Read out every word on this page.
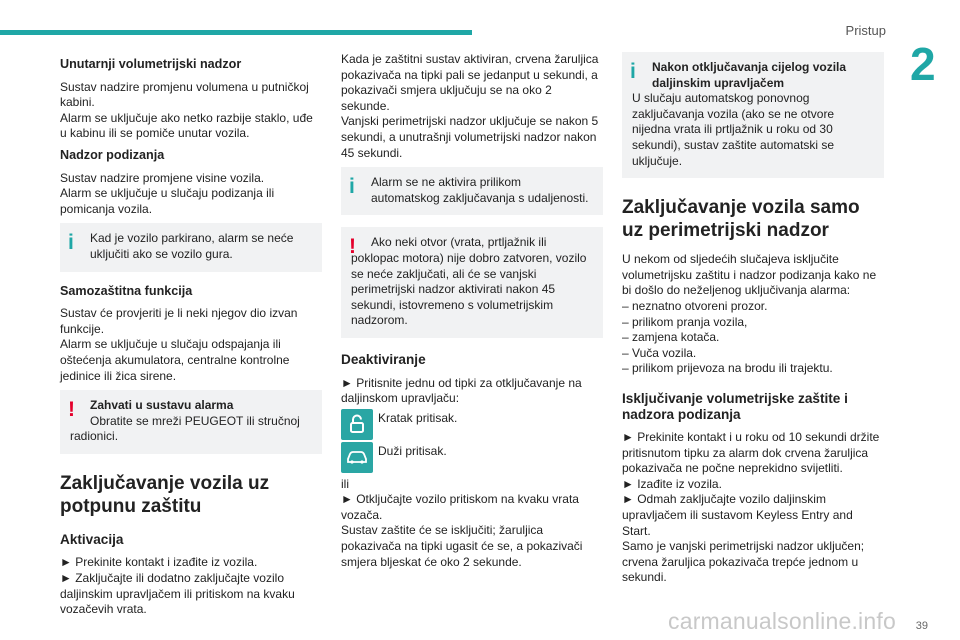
Pristup
2
Unutarnji volumetrijski nadzor

Sustav nadzire promjenu volumena u putničkoj kabini.
Alarm se uključuje ako netko razbije staklo, uđe u kabinu ili se pomiče unutar vozila.

Nadzor podizanja

Sustav nadzire promjene visine vozila.
Alarm se uključuje u slučaju podizanja ili pomicanja vozila.

i	Kad je vozilo parkirano, alarm se neće uključiti ako se vozilo gura.
Samozaštitna funkcija

Sustav će provjeriti je li neki njegov dio izvan funkcije.
Alarm se uključuje u slučaju odspajanja ili oštećenja akumulatora, centralne kontrolne jedinice ili žica sirene.

!	Zahvati u sustavu alarma
Obratite se mreži PEUGEOT ili stručnoj radionici.
Zaključavanje vozila uz potpunu zaštitu
Aktivacija

► Prekinite kontakt i izađite iz vozila.
► Zaključajte ili dodatno zaključajte vozilo daljinskim upravljačem ili pritiskom na kvaku vozačevih vrata.

Kada je zaštitni sustav aktiviran, crvena žaruljica pokazivača na tipki pali se jedanput u sekundi, a pokazivači smjera uključuju se na oko 2 sekunde.
Vanjski perimetrijski nadzor uključuje se nakon 5 sekundi, a unutrašnji volumetrijski nadzor nakon 45 sekundi.

i	Alarm se ne aktivira prilikom automatskog zaključavanja s udaljenosti.
!	Ako neki otvor (vrata, prtljažnik ili poklopac motora) nije dobro zatvoren, vozilo se neće zaključati, ali će se vanjski perimetrijski nadzor aktivirati nakon 45 sekundi, istovremeno s volumetrijskim nadzorom.
Deaktiviranje

► Pritisnite jednu od tipki za otključavanje na daljinskom upravljaču:

Kratak pritisak.
Duži pritisak.

ili
► Otključajte vozilo pritiskom na kvaku vrata vozača.
Sustav zaštite će se isključiti; žaruljica pokazivača na tipki ugasit će se, a pokazivači smjera bljeskat će oko 2 sekunde.

i Nakon otključavanja cijelog vozila daljinskim upravljačem
U slučaju automatskog ponovnog zaključavanja vozila (ako se ne otvore nijedna vrata ili prtljažnik u roku od 30 sekundi), sustav zaštite automatski se uključuje.
Zaključavanje vozila samo uz perimetrijski nadzor

U nekom od sljedećih slučajeva isključite volumetrijsku zaštitu i nadzor podizanja kako ne bi došlo do neželjenog uključivanja alarma:
– neznatno otvoreni prozor.
– prilikom pranja vozila,
– zamjena kotača.
– Vuča vozila.
– prilikom prijevoza na brodu ili trajektu.

Isključivanje volumetrijske zaštite i nadzora podizanja

► Prekinite kontakt i u roku od 10 sekundi držite pritisnutom tipku za alarm dok crvena žaruljica pokazivača ne počne neprekidno svijetliti.
► Izađite iz vozila.
► Odmah zaključajte vozilo daljinskim upravljačem ili sustavom Keyless Entry and Start.
Samo je vanjski perimetrijski nadzor uključen; crvena žaruljica pokazivača trepće jednom u sekundi.

carmanualsonline.info 39
